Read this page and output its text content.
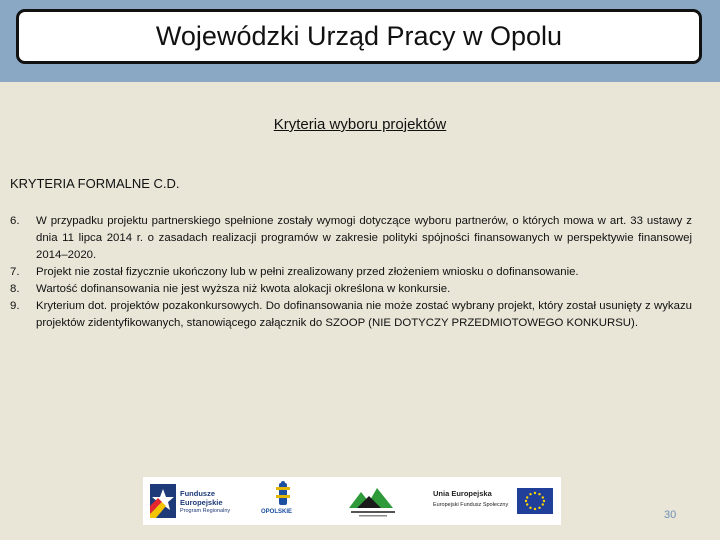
Wojewódzki Urząd Pracy w Opolu
Kryteria wyboru projektów
KRYTERIA FORMALNE C.D.
6.	W przypadku projektu partnerskiego spełnione zostały wymogi dotyczące wyboru partnerów, o których mowa w art. 33 ustawy z dnia 11 lipca 2014 r. o zasadach realizacji programów w zakresie polityki spójności finansowanych w perspektywie finansowej 2014–2020.
7.	Projekt nie został fizycznie ukończony lub w pełni zrealizowany przed złożeniem wniosku o dofinansowanie.
8.	Wartość dofinansowania nie jest wyższa niż kwota alokacji określona w konkursie.
9.	Kryterium dot. projektów pozakonkursowych. Do dofinansowania nie może zostać wybrany projekt, który został usunięty z wykazu projektów zidentyfikowanych, stanowiącego załącznik do SZOOP (NIE DOTYCZY PRZEDMIOTOWEGO KONKURSU).
Fundusze
Europejskie
Program Regionalny	OPOLSKIE
Unia Europejska
Europejski Fundusz Społeczny
30
